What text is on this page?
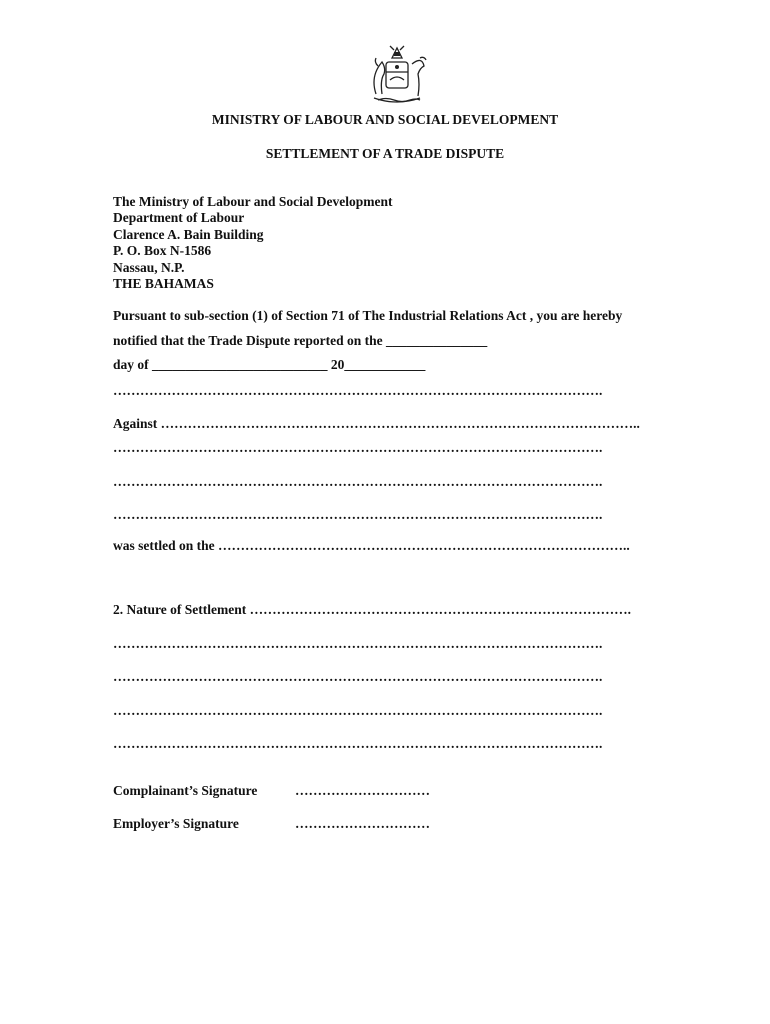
MINISTRY OF LABOUR AND SOCIAL DEVELOPMENT
SETTLEMENT OF A TRADE DISPUTE
The Ministry of Labour and Social Development
Department of Labour
Clarence A. Bain Building
P. O. Box N-1586
Nassau, N.P.
THE BAHAMAS
Pursuant to sub-section (1) of Section 71 of The Industrial Relations Act , you are hereby
notified that the Trade Dispute reported on the _______________
day of __________________________ 20____________
……………………………………………………………………………………………….
Against ……………………………………………………………………………………………..
……………………………………………………………………………………………….
……………………………………………………………………………………………….
……………………………………………………………………………………………….
was settled on the ………………………………………………………………………………..
2. Nature of Settlement ………………………………………………………………………….
……………………………………………………………………………………………….
……………………………………………………………………………………………….
……………………………………………………………………………………………….
……………………………………………………………………………………………….
Complainant’s Signature	…………………………
Employer’s Signature	…………………………
